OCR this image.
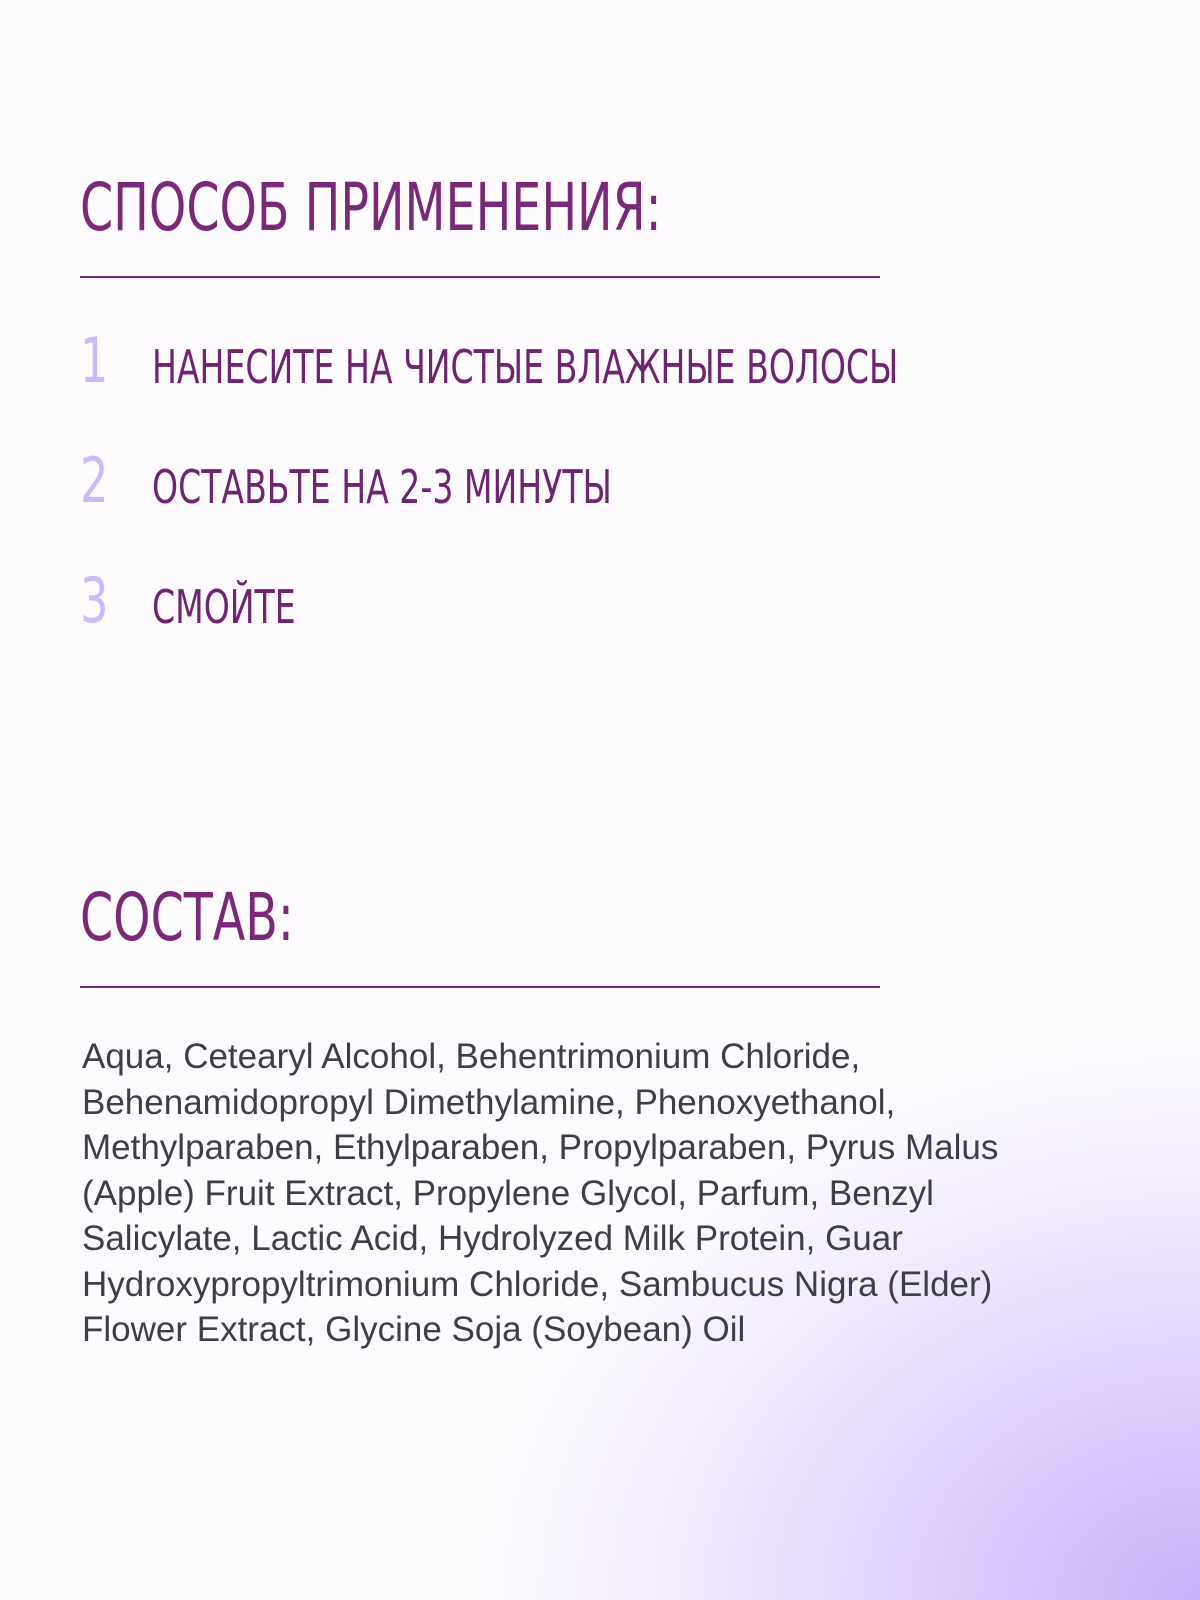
СПОСОБ ПРИМЕНЕНИЯ:
1 НАНЕСИТЕ НА ЧИСТЫЕ ВЛАЖНЫЕ ВОЛОСЫ
2 ОСТАВЬТЕ НА 2-3 МИНУТЫ
3 СМОЙТЕ
СОСТАВ:
Aqua, Cetearyl Alcohol, Behentrimonium Chloride,
Behenamidopropyl Dimethylamine, Phenoxyethanol,
Methylparaben, Ethylparaben, Propylparaben, Pyrus Malus
(Apple) Fruit Extract, Propylene Glycol, Parfum, Benzyl
Salicylate, Lactic Acid, Hydrolyzed Milk Protein, Guar
Hydroxypropyltrimonium Chloride, Sambucus Nigra (Elder)
Flower Extract, Glycine Soja (Soybean) Oil
